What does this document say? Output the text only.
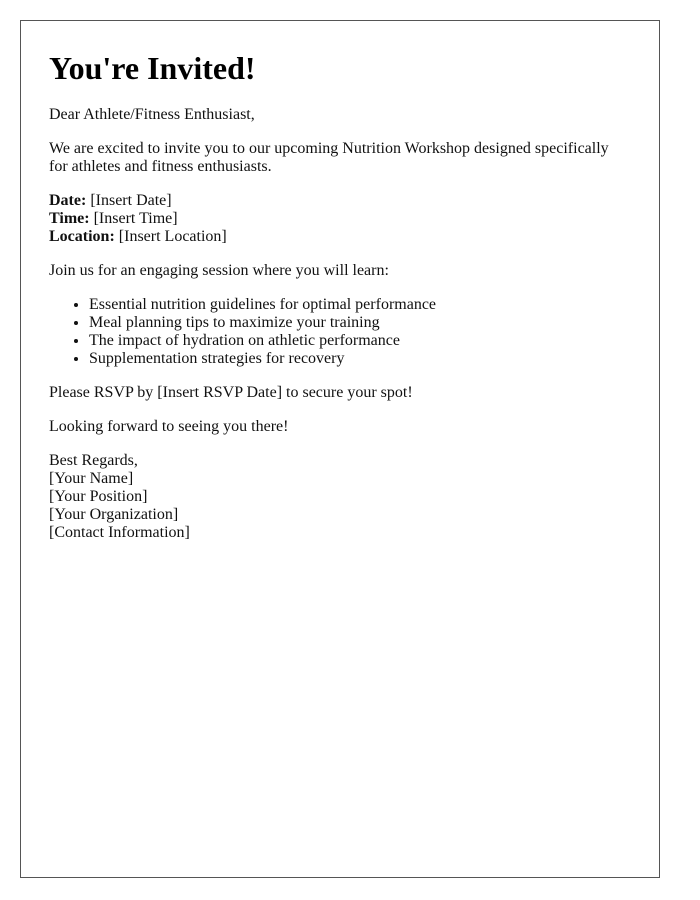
You're Invited!

Dear Athlete/Fitness Enthusiast,

We are excited to invite you to our upcoming Nutrition Workshop designed specifically for athletes and fitness enthusiasts.

Date: [Insert Date]
Time: [Insert Time]
Location: [Insert Location]

Join us for an engaging session where you will learn:

• Essential nutrition guidelines for optimal performance
• Meal planning tips to maximize your training
• The impact of hydration on athletic performance
• Supplementation strategies for recovery

Please RSVP by [Insert RSVP Date] to secure your spot!

Looking forward to seeing you there!

Best Regards,
[Your Name]
[Your Position]
[Your Organization]
[Contact Information]
